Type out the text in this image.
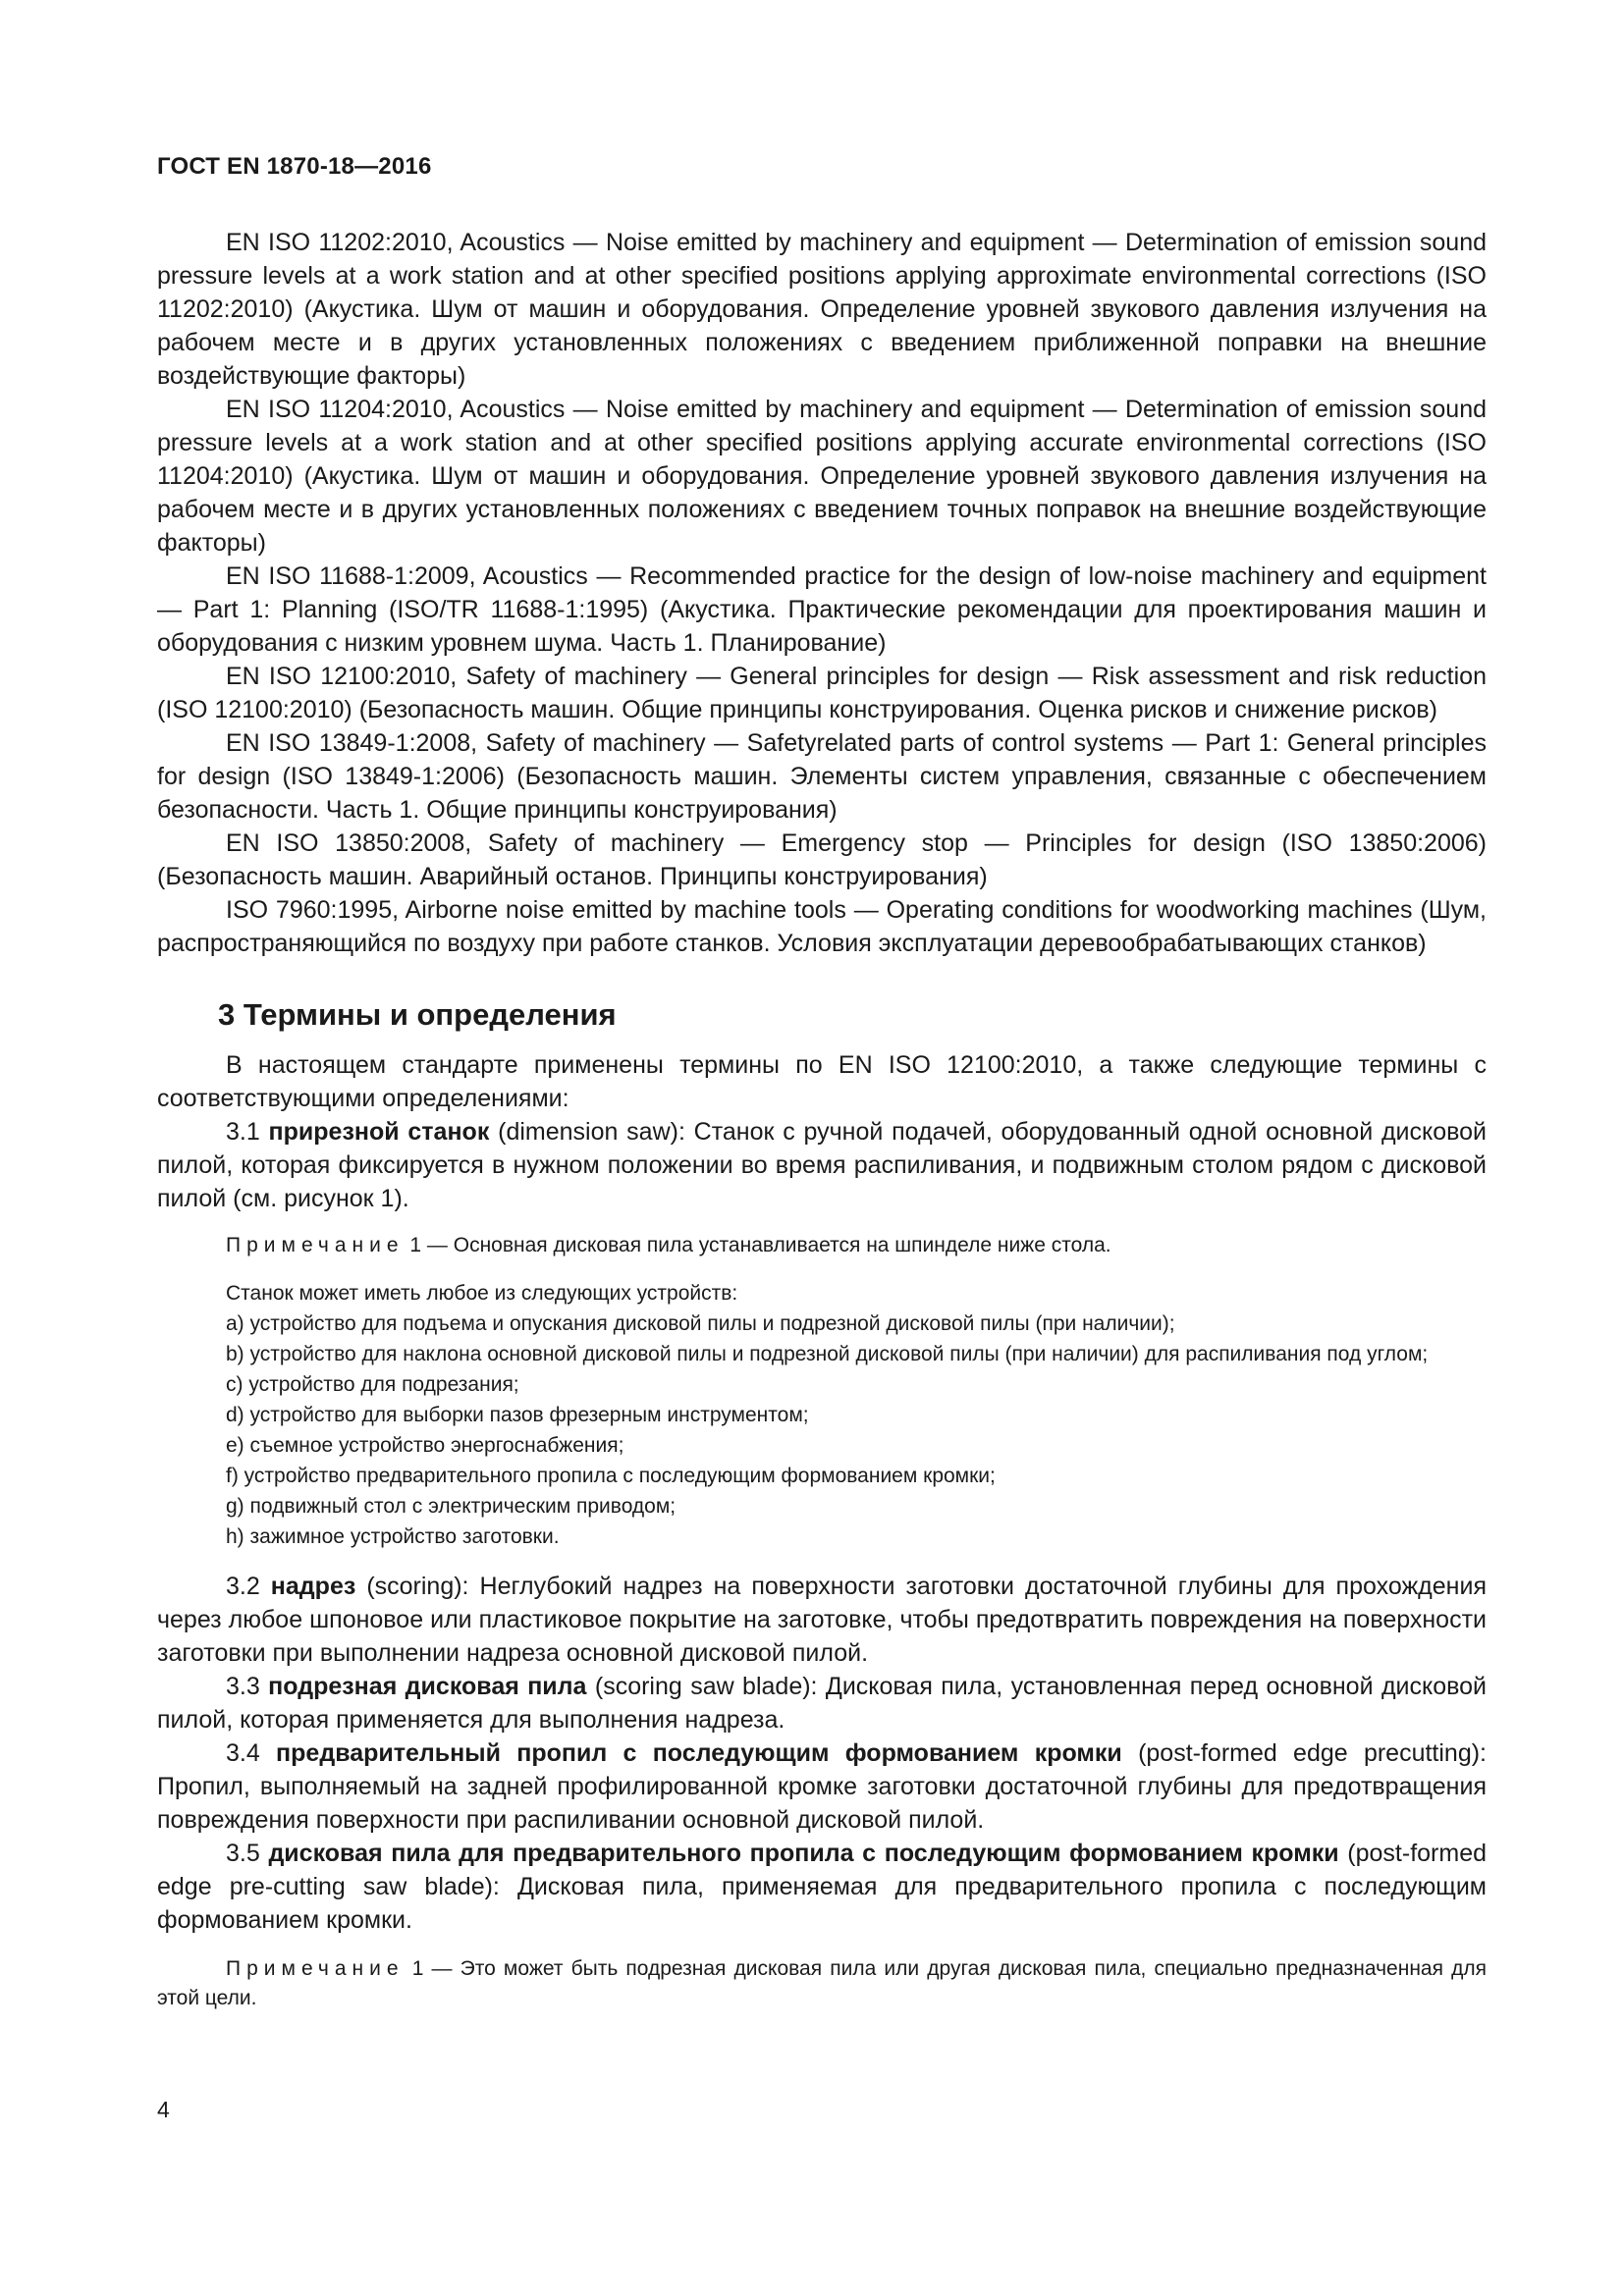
ГОСТ EN 1870-18—2016

EN ISO 11202:2010, Acoustics — Noise emitted by machinery and equipment — Determination of emission sound pressure levels at a work station and at other specified positions applying approximate environmental corrections (ISO 11202:2010) (Акустика. Шум от машин и оборудования. Определение уровней звукового давления излучения на рабочем месте и в других установленных положениях с введением приближенной поправки на внешние воздействующие факторы)

EN ISO 11204:2010, Acoustics — Noise emitted by machinery and equipment — Determination of emission sound pressure levels at a work station and at other specified positions applying accurate environmental corrections (ISO 11204:2010) (Акустика. Шум от машин и оборудования. Определение уровней звукового давления излучения на рабочем месте и в других установленных положениях с введением точных поправок на внешние воздействующие факторы)

EN ISO 11688-1:2009, Acoustics — Recommended practice for the design of low-noise machinery and equipment — Part 1: Planning (ISO/TR 11688-1:1995) (Акустика. Практические рекомендации для проектирования машин и оборудования с низким уровнем шума. Часть 1. Планирование)

EN ISO 12100:2010, Safety of machinery — General principles for design — Risk assessment and risk reduction (ISO 12100:2010) (Безопасность машин. Общие принципы конструирования. Оценка рисков и снижение рисков)

EN ISO 13849-1:2008, Safety of machinery — Safetyrelated parts of control systems — Part 1: General principles for design (ISO 13849-1:2006) (Безопасность машин. Элементы систем управления, связанные с обеспечением безопасности. Часть 1. Общие принципы конструирования)

EN ISO 13850:2008, Safety of machinery — Emergency stop — Principles for design (ISO 13850:2006) (Безопасность машин. Аварийный останов. Принципы конструирования)

ISO 7960:1995, Airborne noise emitted by machine tools — Operating conditions for woodworking machines (Шум, распространяющийся по воздуху при работе станков. Условия эксплуатации деревообрабатывающих станков)

3 Термины и определения

В настоящем стандарте применены термины по EN ISO 12100:2010, а также следующие термины с соответствующими определениями:

3.1 прирезной станок (dimension saw): Станок с ручной подачей, оборудованный одной основной дисковой пилой, которая фиксируется в нужном положении во время распиливания, и подвижным столом рядом с дисковой пилой (см. рисунок 1).

Примечание 1 — Основная дисковая пила устанавливается на шпинделе ниже стола.

Станок может иметь любое из следующих устройств:

a) устройство для подъема и опускания дисковой пилы и подрезной дисковой пилы (при наличии);

b) устройство для наклона основной дисковой пилы и подрезной дисковой пилы (при наличии) для распиливания под углом;

c) устройство для подрезания;

d) устройство для выборки пазов фрезерным инструментом;

e) съемное устройство энергоснабжения;

f) устройство предварительного пропила с последующим формованием кромки;

g) подвижный стол с электрическим приводом;

h) зажимное устройство заготовки.

3.2 надрез (scoring): Неглубокий надрез на поверхности заготовки достаточной глубины для прохождения через любое шпоновое или пластиковое покрытие на заготовке, чтобы предотвратить повреждения на поверхности заготовки при выполнении надреза основной дисковой пилой.

3.3 подрезная дисковая пила (scoring saw blade): Дисковая пила, установленная перед основной дисковой пилой, которая применяется для выполнения надреза.

3.4 предварительный пропил с последующим формованием кромки (post-formed edge precutting): Пропил, выполняемый на задней профилированной кромке заготовки достаточной глубины для предотвращения повреждения поверхности при распиливании основной дисковой пилой.

3.5 дисковая пила для предварительного пропила с последующим формованием кромки (post-formed edge pre-cutting saw blade): Дисковая пила, применяемая для предварительного пропила с последующим формованием кромки.

Примечание 1 — Это может быть подрезная дисковая пила или другая дисковая пила, специально предназначенная для этой цели.

4
